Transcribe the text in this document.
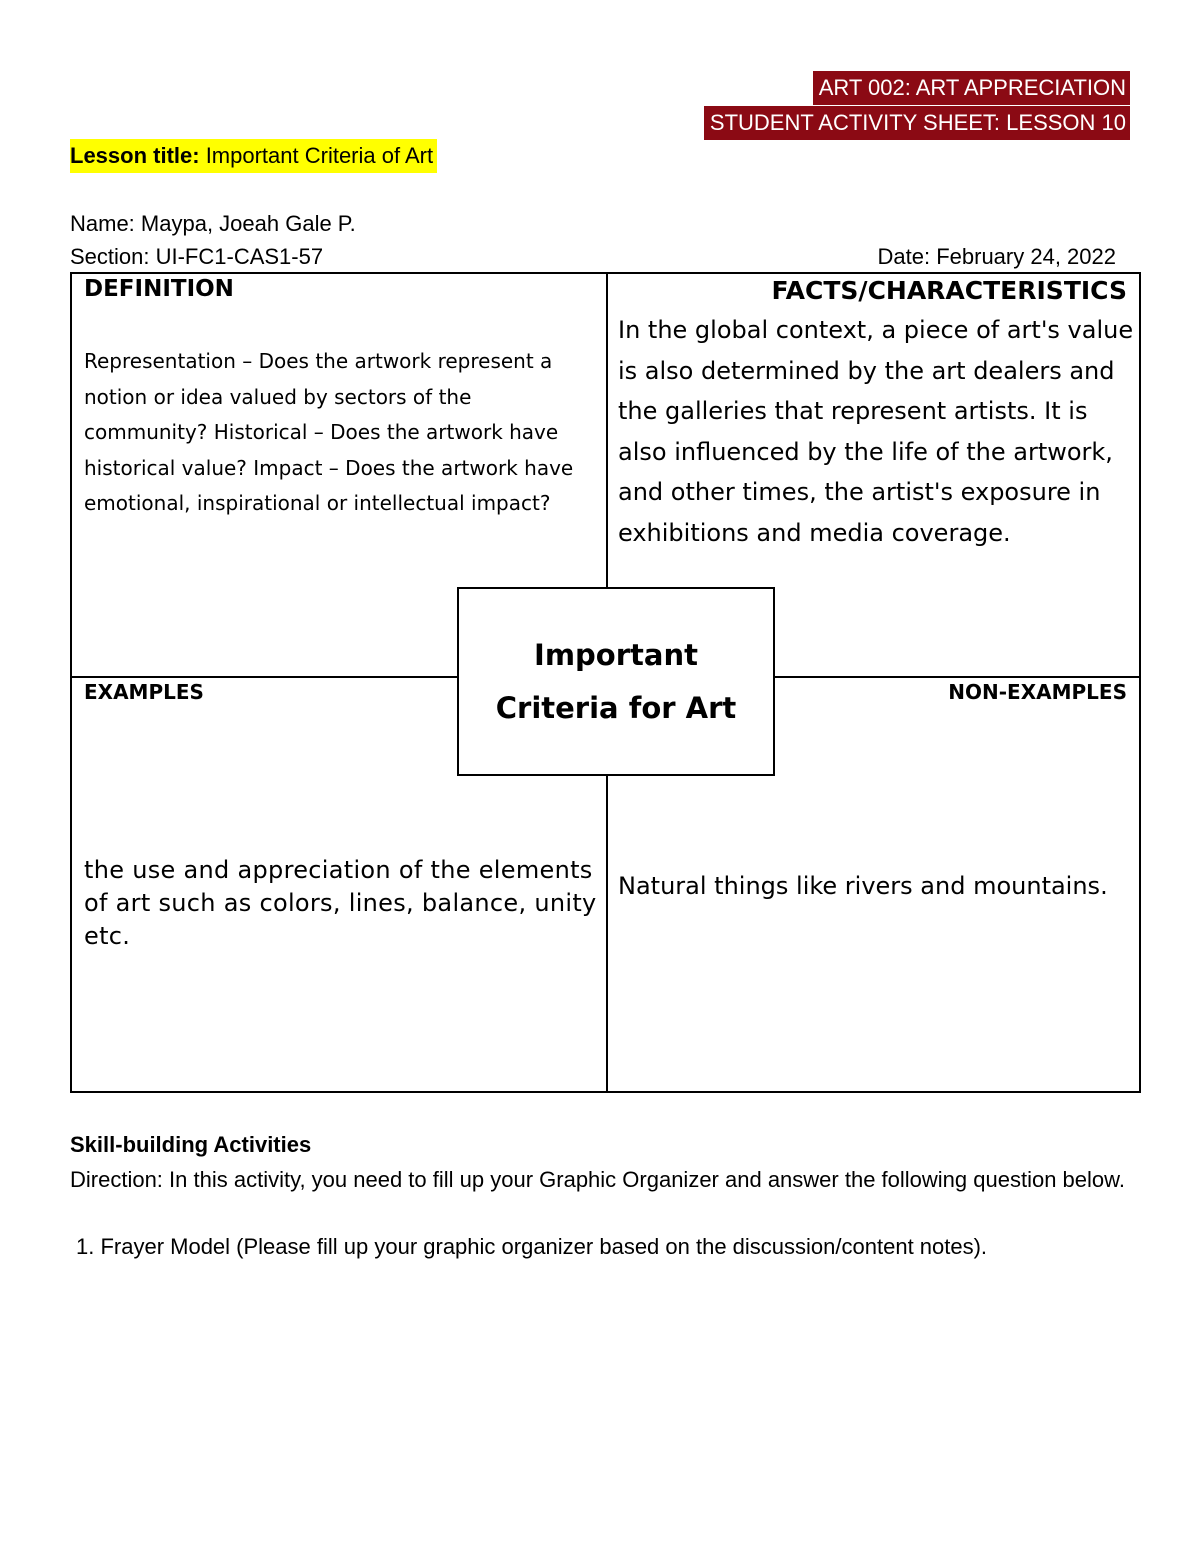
ART 002: ART APPRECIATION
STUDENT ACTIVITY SHEET: LESSON 10
Lesson title: Important Criteria of Art
Name: Maypa, Joeah Gale P.
Section: UI-FC1-CAS1-57	Date: February 24, 2022
DEFINITION
Representation – Does the artwork represent a notion or idea valued by sectors of the community? Historical – Does the artwork have historical value? Impact – Does the artwork have emotional, inspirational or intellectual impact?
FACTS/CHARACTERISTICS
In the global context, a piece of art's value is also determined by the art dealers and the galleries that represent artists. It is also influenced by the life of the artwork, and other times, the artist's exposure in exhibitions and media coverage.
EXAMPLES
the use and appreciation of the elements of art such as colors, lines, balance, unity etc.
NON-EXAMPLES
Natural things like rivers and mountains.
Important Criteria for Art
Skill-building Activities
Direction: In this activity, you need to fill up your Graphic Organizer and answer the following question below.
1. Frayer Model (Please fill up your graphic organizer based on the discussion/content notes).
